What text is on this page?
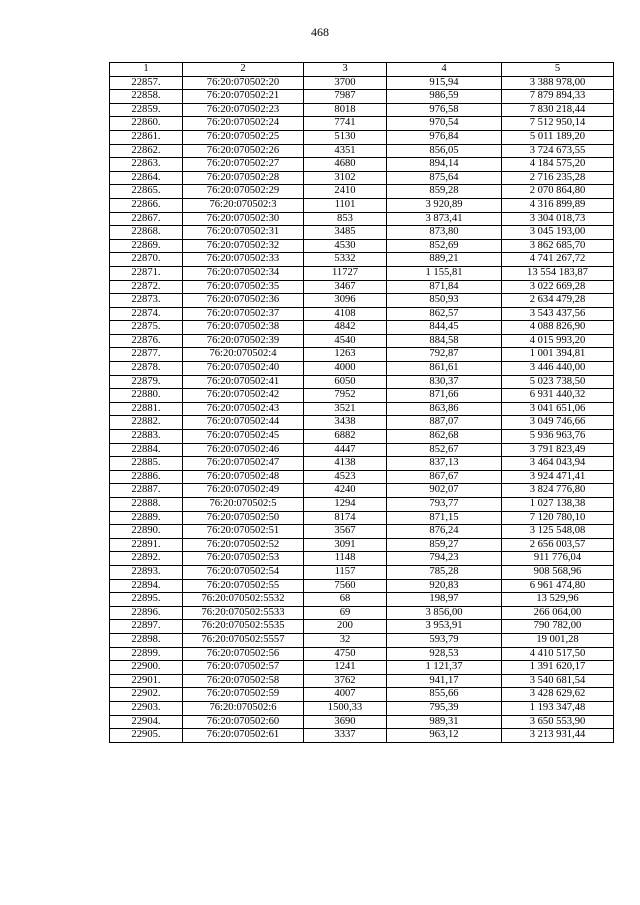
468
1	2	3	4	5
22857.	76:20:070502:20	3700	915,94	3 388 978,00
22858.	76:20:070502:21	7987	986,59	7 879 894,33
22859.	76:20:070502:23	8018	976,58	7 830 218,44
22860.	76:20:070502:24	7741	970,54	7 512 950,14
22861.	76:20:070502:25	5130	976,84	5 011 189,20
22862.	76:20:070502:26	4351	856,05	3 724 673,55
22863.	76:20:070502:27	4680	894,14	4 184 575,20
22864.	76:20:070502:28	3102	875,64	2 716 235,28
22865.	76:20:070502:29	2410	859,28	2 070 864,80
22866.	76:20:070502:3	1101	3 920,89	4 316 899,89
22867.	76:20:070502:30	853	3 873,41	3 304 018,73
22868.	76:20:070502:31	3485	873,80	3 045 193,00
22869.	76:20:070502:32	4530	852,69	3 862 685,70
22870.	76:20:070502:33	5332	889,21	4 741 267,72
22871.	76:20:070502:34	11727	1 155,81	13 554 183,87
22872.	76:20:070502:35	3467	871,84	3 022 669,28
22873.	76:20:070502:36	3096	850,93	2 634 479,28
22874.	76:20:070502:37	4108	862,57	3 543 437,56
22875.	76:20:070502:38	4842	844,45	4 088 826,90
22876.	76:20:070502:39	4540	884,58	4 015 993,20
22877.	76:20:070502:4	1263	792,87	1 001 394,81
22878.	76:20:070502:40	4000	861,61	3 446 440,00
22879.	76:20:070502:41	6050	830,37	5 023 738,50
22880.	76:20:070502:42	7952	871,66	6 931 440,32
22881.	76:20:070502:43	3521	863,86	3 041 651,06
22882.	76:20:070502:44	3438	887,07	3 049 746,66
22883.	76:20:070502:45	6882	862,68	5 936 963,76
22884.	76:20:070502:46	4447	852,67	3 791 823,49
22885.	76:20:070502:47	4138	837,13	3 464 043,94
22886.	76:20:070502:48	4523	867,67	3 924 471,41
22887.	76:20:070502:49	4240	902,07	3 824 776,80
22888.	76:20:070502:5	1294	793,77	1 027 138,38
22889.	76:20:070502:50	8174	871,15	7 120 780,10
22890.	76:20:070502:51	3567	876,24	3 125 548,08
22891.	76:20:070502:52	3091	859,27	2 656 003,57
22892.	76:20:070502:53	1148	794,23	911 776,04
22893.	76:20:070502:54	1157	785,28	908 568,96
22894.	76:20:070502:55	7560	920,83	6 961 474,80
22895.	76:20:070502:5532	68	198,97	13 529,96
22896.	76:20:070502:5533	69	3 856,00	266 064,00
22897.	76:20:070502:5535	200	3 953,91	790 782,00
22898.	76:20:070502:5557	32	593,79	19 001,28
22899.	76:20:070502:56	4750	928,53	4 410 517,50
22900.	76:20:070502:57	1241	1 121,37	1 391 620,17
22901.	76:20:070502:58	3762	941,17	3 540 681,54
22902.	76:20:070502:59	4007	855,66	3 428 629,62
22903.	76:20:070502:6	1500,33	795,39	1 193 347,48
22904.	76:20:070502:60	3690	989,31	3 650 553,90
22905.	76:20:070502:61	3337	963,12	3 213 931,44
